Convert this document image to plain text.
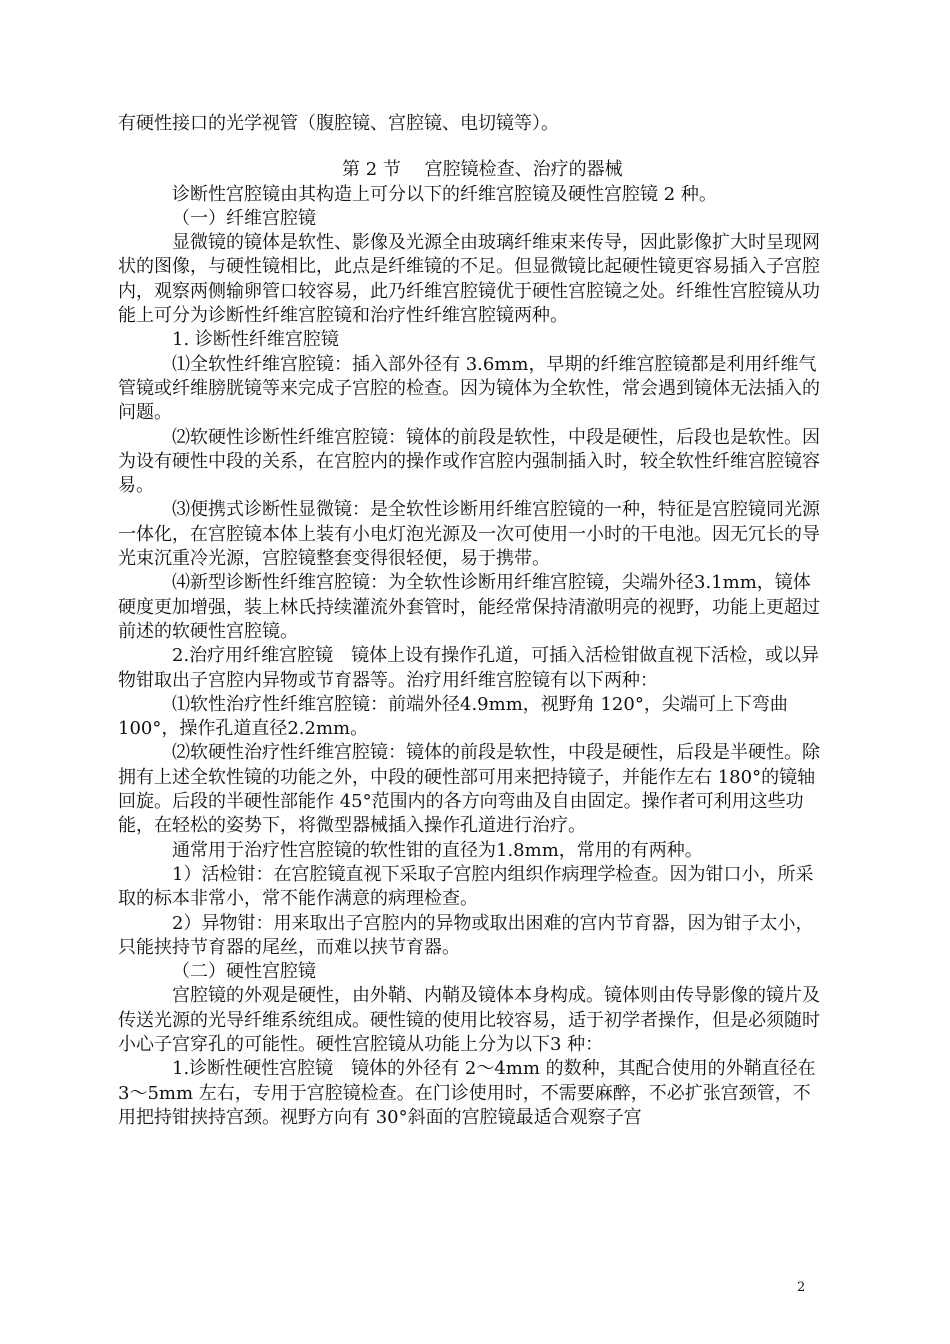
有硬性接口的光学视管（腹腔镜、宫腔镜、电切镜等）。

第 2 节　 宫腔镜检查、治疗的器械

诊断性宫腔镜由其构造上可分以下的纤维宫腔镜及硬性宫腔镜 2 种。

（一）纤维宫腔镜

显微镜的镜体是软性、影像及光源全由玻璃纤维束来传导，因此影像扩大时呈现网状的图像，与硬性镜相比，此点是纤维镜的不足。但显微镜比起硬性镜更容易插入子宫腔内，观察两侧输卵管口较容易，此乃纤维宫腔镜优于硬性宫腔镜之处。纤维性宫腔镜从功能上可分为诊断性纤维宫腔镜和治疗性纤维宫腔镜两种。

1. 诊断性纤维宫腔镜

⑴全软性纤维宫腔镜：插入部外径有 3.6mm，早期的纤维宫腔镜都是利用纤维气管镜或纤维膀胱镜等来完成子宫腔的检查。因为镜体为全软性，常会遇到镜体无法插入的问题。

⑵软硬性诊断性纤维宫腔镜：镜体的前段是软性，中段是硬性，后段也是软性。因为设有硬性中段的关系，在宫腔内的操作或作宫腔内强制插入时，较全软性纤维宫腔镜容易。

⑶便携式诊断性显微镜：是全软性诊断用纤维宫腔镜的一种，特征是宫腔镜同光源一体化，在宫腔镜本体上装有小电灯泡光源及一次可使用一小时的干电池。因无冗长的导光束沉重冷光源，宫腔镜整套变得很轻便，易于携带。

⑷新型诊断性纤维宫腔镜：为全软性诊断用纤维宫腔镜，尖端外径3.1mm，镜体硬度更加增强，装上林氏持续灌流外套管时，能经常保持清澈明亮的视野，功能上更超过前述的软硬性宫腔镜。

2.治疗用纤维宫腔镜　镜体上设有操作孔道，可插入活检钳做直视下活检，或以异物钳取出子宫腔内异物或节育器等。治疗用纤维宫腔镜有以下两种：

⑴软性治疗性纤维宫腔镜：前端外径4.9mm，视野角 120°，尖端可上下弯曲 100°，操作孔道直径2.2mm。

⑵软硬性治疗性纤维宫腔镜：镜体的前段是软性，中段是硬性，后段是半硬性。除拥有上述全软性镜的功能之外，中段的硬性部可用来把持镜子，并能作左右 180°的镜轴回旋。后段的半硬性部能作 45°范围内的各方向弯曲及自由固定。操作者可利用这些功能，在轻松的姿势下，将微型器械插入操作孔道进行治疗。

通常用于治疗性宫腔镜的软性钳的直径为1.8mm，常用的有两种。

1）活检钳：在宫腔镜直视下采取子宫腔内组织作病理学检查。因为钳口小，所采取的标本非常小，常不能作满意的病理检查。

2）异物钳：用来取出子宫腔内的异物或取出困难的宫内节育器，因为钳子太小，只能挟持节育器的尾丝，而难以挟节育器。

（二）硬性宫腔镜

宫腔镜的外观是硬性，由外鞘、内鞘及镜体本身构成。镜体则由传导影像的镜片及传送光源的光导纤维系统组成。硬性镜的使用比较容易，适于初学者操作，但是必须随时小心子宫穿孔的可能性。硬性宫腔镜从功能上分为以下3 种：

1.诊断性硬性宫腔镜　镜体的外径有 2～4mm 的数种，其配合使用的外鞘直径在 3～5mm 左右，专用于宫腔镜检查。在门诊使用时，不需要麻醉，不必扩张宫颈管，不用把持钳挟持宫颈。视野方向有 30°斜面的宫腔镜最适合观察子宫

2
